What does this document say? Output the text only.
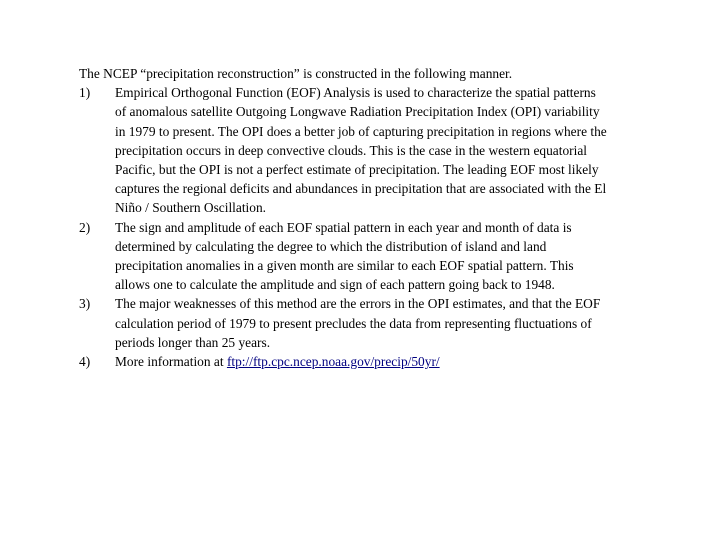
The NCEP “precipitation reconstruction” is constructed in the following manner.

1)	Empirical Orthogonal Function (EOF) Analysis is used to characterize the spatial patterns of anomalous satellite Outgoing Longwave Radiation Precipitation Index (OPI) variability in 1979 to present. The OPI does a better job of capturing precipitation in regions where the precipitation occurs in deep convective clouds. This is the case in the western equatorial Pacific, but the OPI is not a perfect estimate of precipitation. The leading EOF most likely captures the regional deficits and abundances in precipitation that are associated with the El Niño / Southern Oscillation.
2)	The sign and amplitude of each EOF spatial pattern in each year and month of data is determined by calculating the degree to which the distribution of island and land precipitation anomalies in a given month are similar to each EOF spatial pattern. This allows one to calculate the amplitude and sign of each pattern going back to 1948.
3)	The major weaknesses of this method are the errors in the OPI estimates, and that the EOF calculation period of 1979 to present precludes the data from representing fluctuations of periods longer than 25 years.
4)	More information at ftp://ftp.cpc.ncep.noaa.gov/precip/50yr/
